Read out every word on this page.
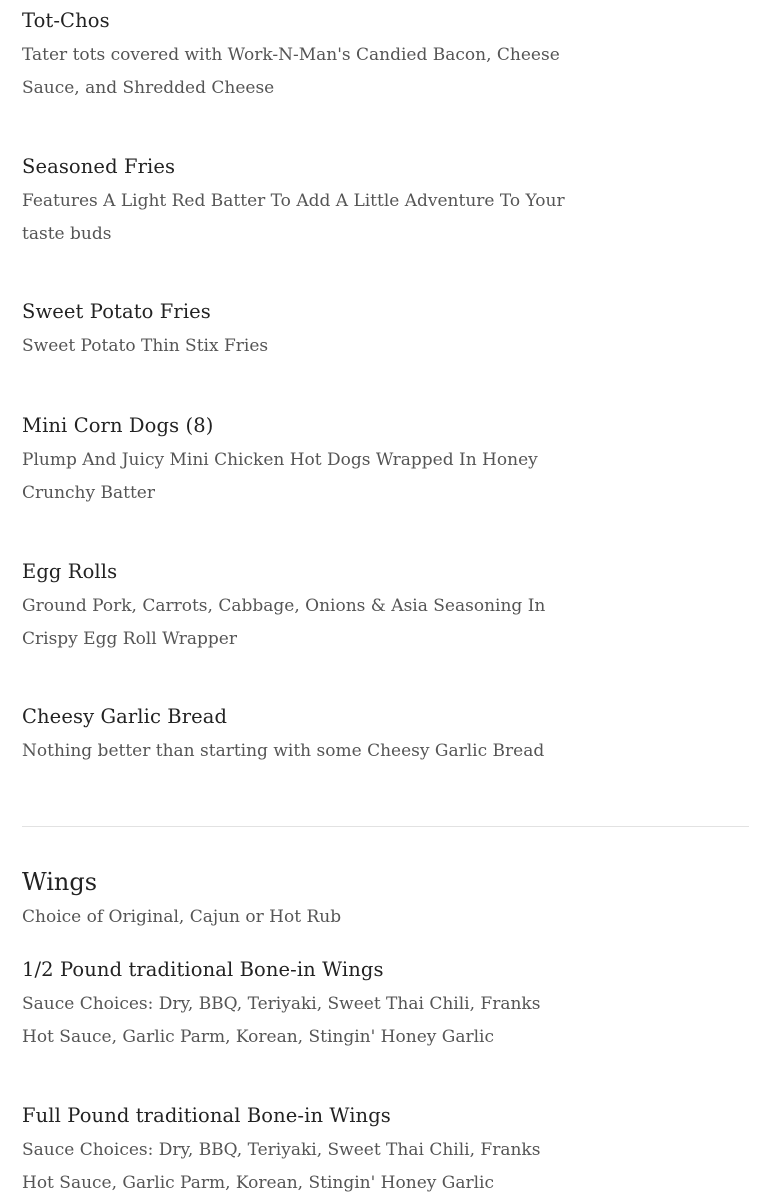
Tot-Chos

Tater tots covered with Work-N-Man's Candied Bacon, Cheese Sauce, and Shredded Cheese

Seasoned Fries

Features A Light Red Batter To Add A Little Adventure To Your taste buds

Sweet Potato Fries

Sweet Potato Thin Stix Fries

Mini Corn Dogs (8)

Plump And Juicy Mini Chicken Hot Dogs Wrapped In Honey Crunchy Batter

Egg Rolls

Ground Pork, Carrots, Cabbage, Onions & Asia Seasoning In Crispy Egg Roll Wrapper

Cheesy Garlic Bread

Nothing better than starting with some Cheesy Garlic Bread

Wings

Choice of Original, Cajun or Hot Rub

1/2 Pound traditional Bone-in Wings

Sauce Choices: Dry, BBQ, Teriyaki, Sweet Thai Chili, Franks Hot Sauce, Garlic Parm, Korean, Stingin' Honey Garlic

Full Pound traditional Bone-in Wings

Sauce Choices: Dry, BBQ, Teriyaki, Sweet Thai Chili, Franks Hot Sauce, Garlic Parm, Korean, Stingin' Honey Garlic
